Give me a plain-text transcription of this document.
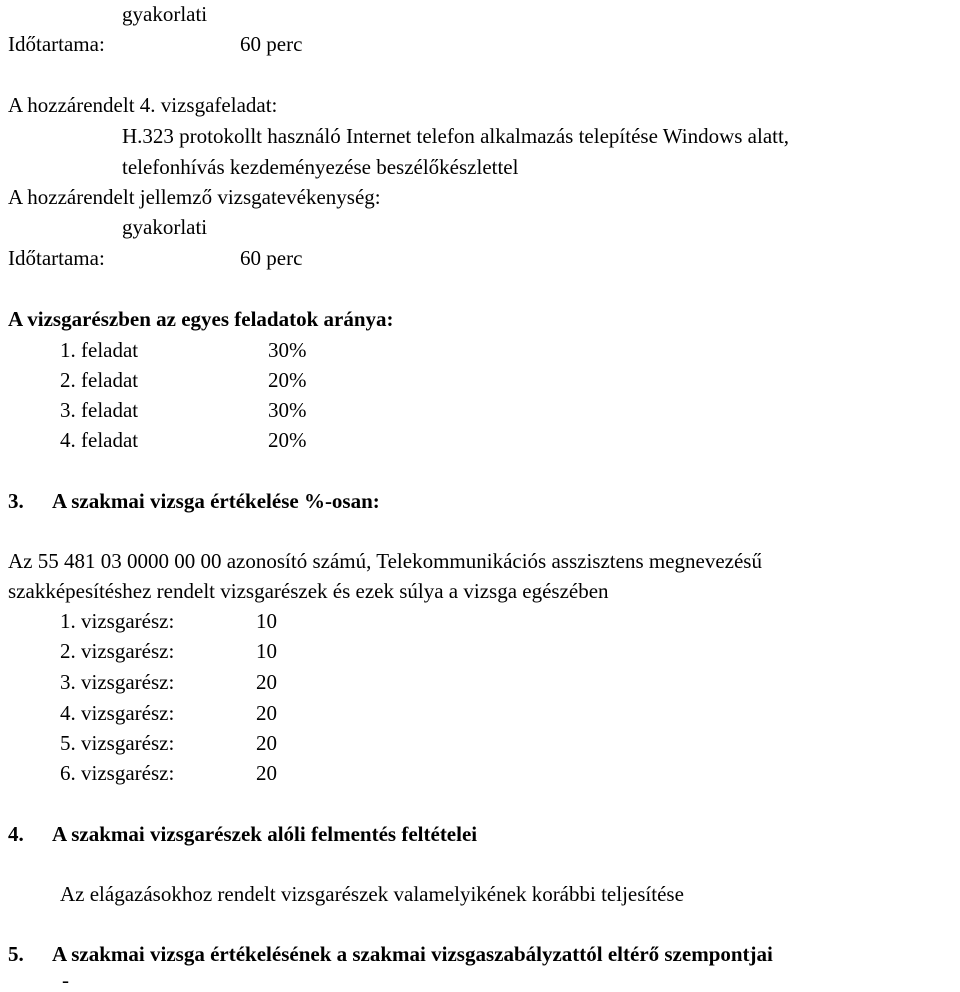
gyakorlati
Időtartama:	60 perc
A hozzárendelt 4. vizsgafeladat:
H.323 protokollt használó Internet telefon alkalmazás telepítése Windows alatt,
telefonhívás kezdeményezése beszélőkészlettel
A hozzárendelt jellemző vizsgatevékenység:
gyakorlati
Időtartama:	60 perc
A vizsgarészben az egyes feladatok aránya:
1. feladat	30%
2. feladat	20%
3. feladat	30%
4. feladat	20%
3. A szakmai vizsga értékelése %-osan:
Az 55 481 03 0000 00 00 azonosító számú, Telekommunikációs asszisztens megnevezésű
szakképesítéshez rendelt vizsgarészek és ezek súlya a vizsga egészében
1. vizsgarész:	10
2. vizsgarész:	10
3. vizsgarész:	20
4. vizsgarész:	20
5. vizsgarész:	20
6. vizsgarész:	20
4. A szakmai vizsgarészek alóli felmentés feltételei
Az elágazásokhoz rendelt vizsgarészek valamelyikének korábbi teljesítése
5. A szakmai vizsga értékelésének a szakmai vizsgaszabályzattól eltérő szempontjai
-
